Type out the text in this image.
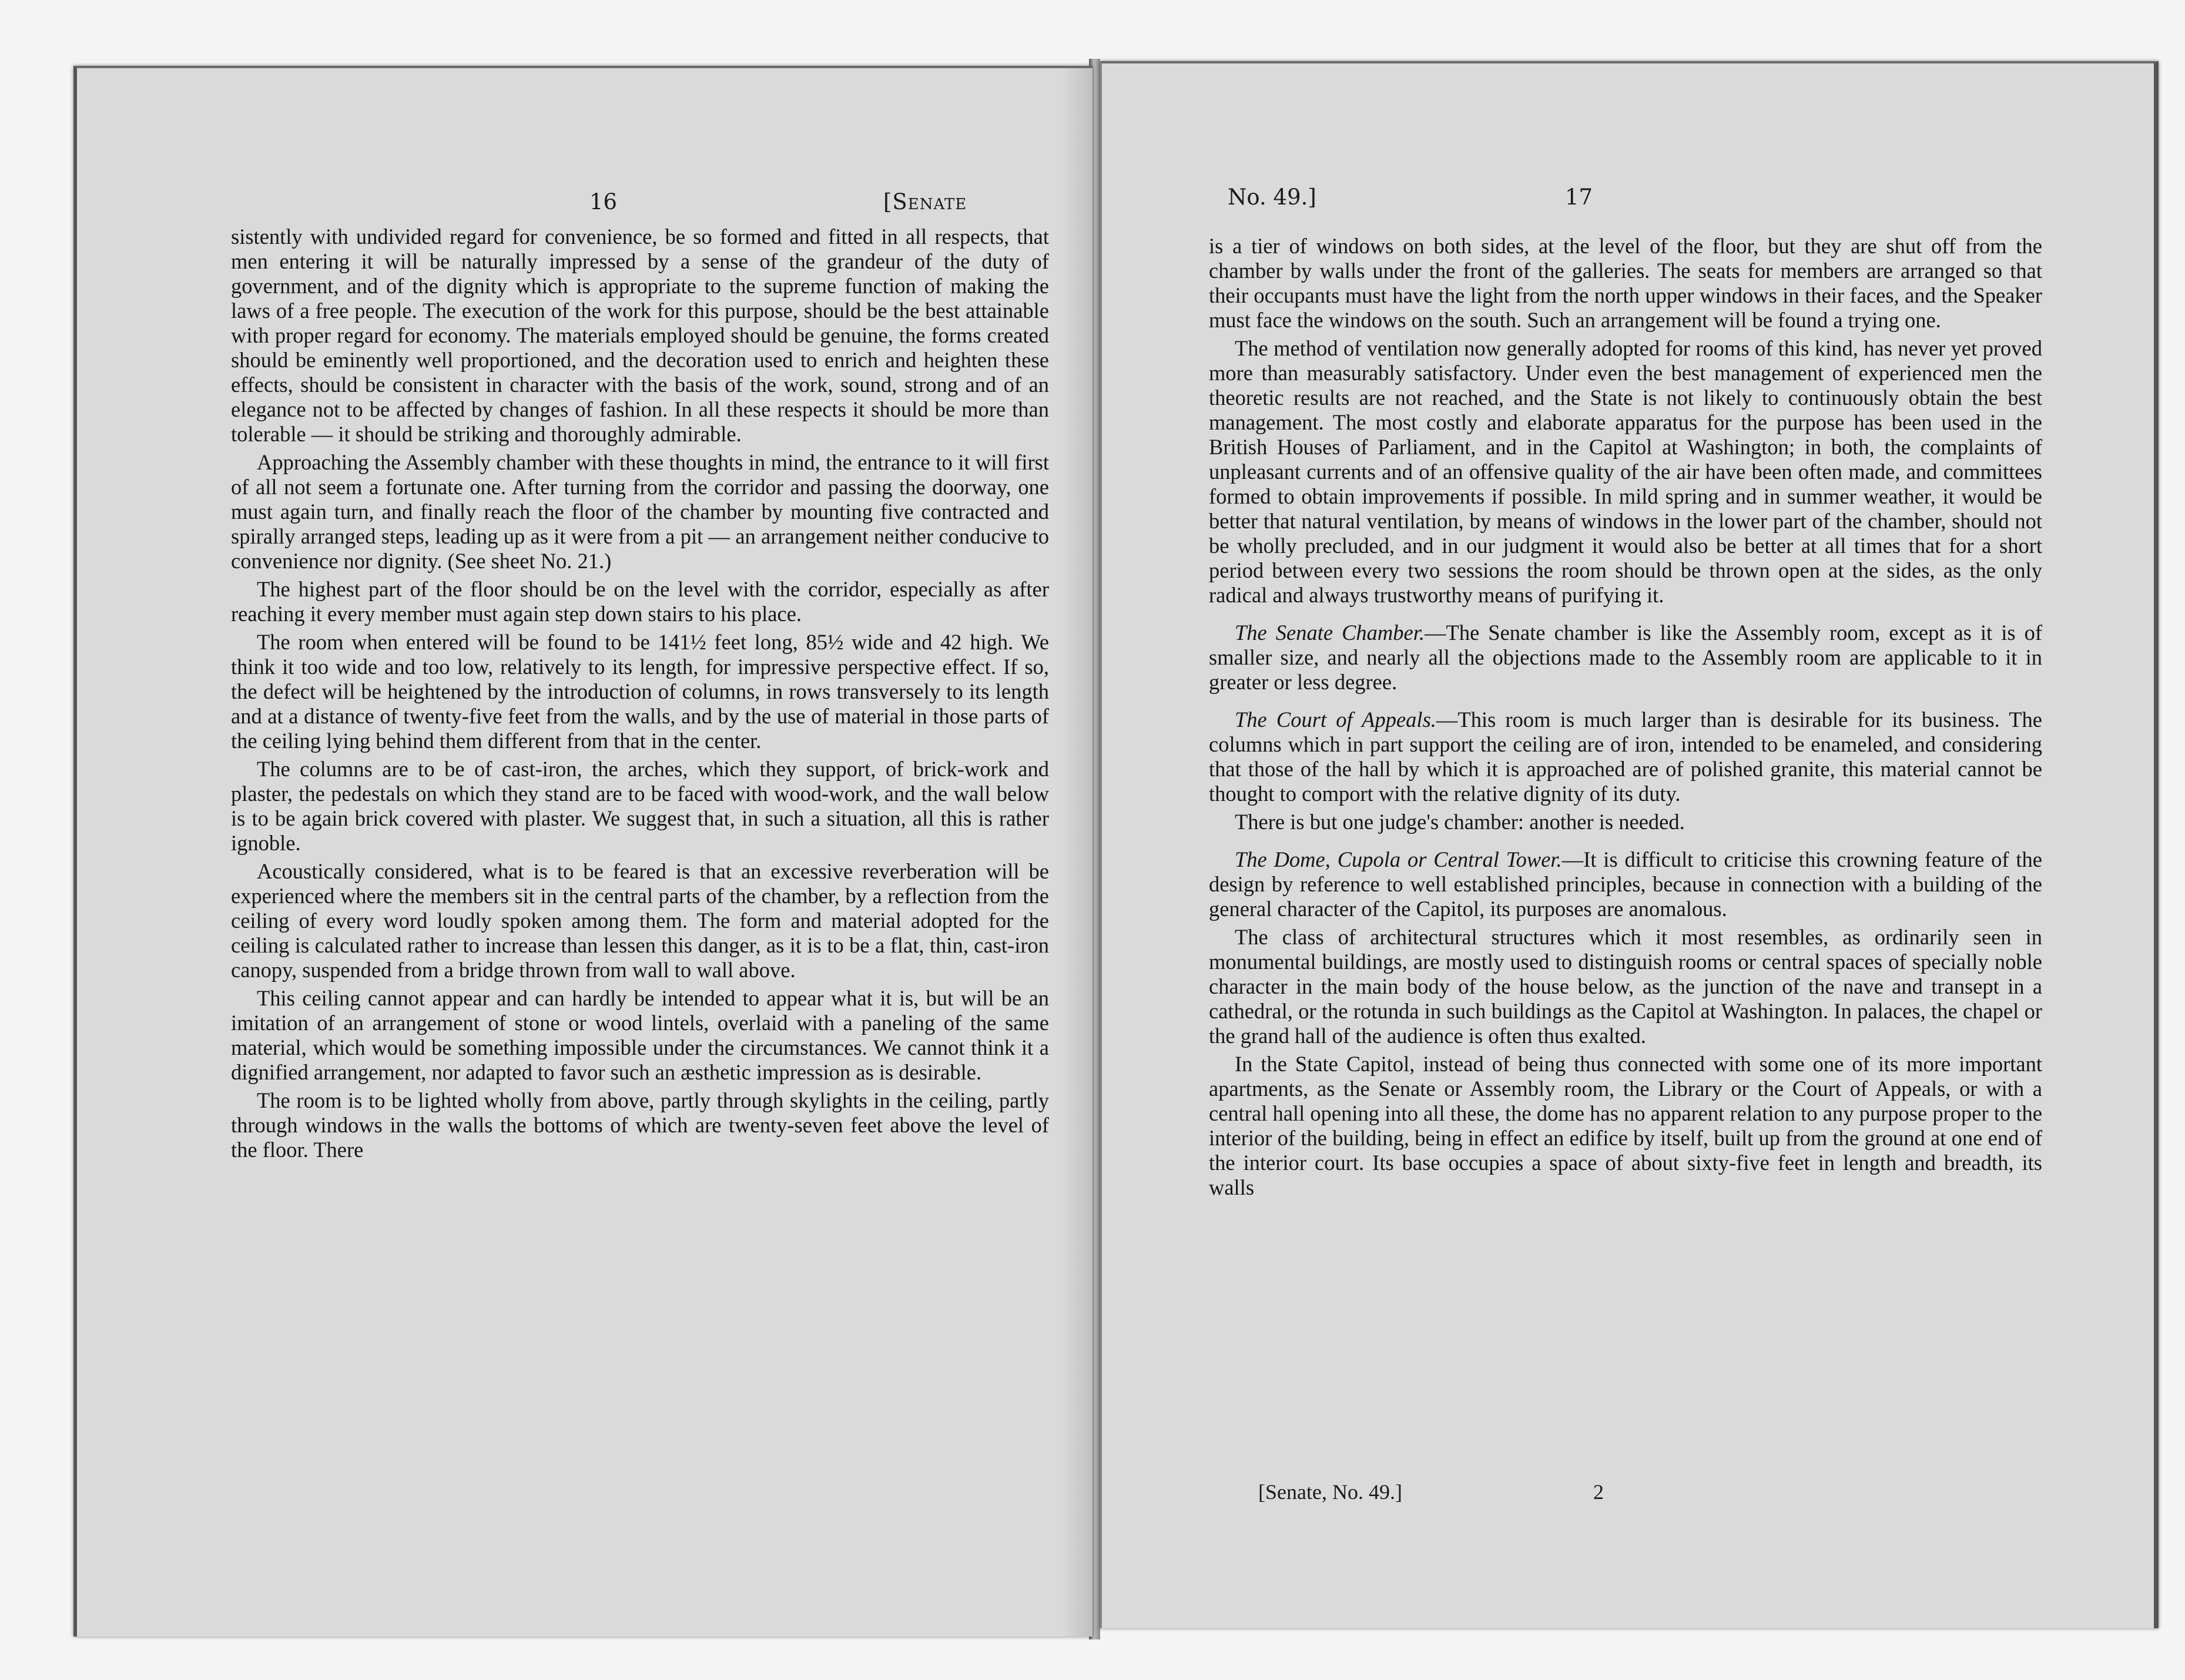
16	[Senate

sistently with undivided regard for convenience, be so formed and fitted in all respects, that men entering it will be naturally impressed by a sense of the grandeur of the duty of government, and of the dignity which is appropriate to the supreme function of making the laws of a free people. The execution of the work for this purpose, should be the best attainable with proper regard for economy. The materials employed should be genuine, the forms created should be eminently well proportioned, and the decoration used to enrich and heighten these effects, should be consistent in character with the basis of the work, sound, strong and of an elegance not to be affected by changes of fashion. In all these respects it should be more than tolerable — it should be striking and thoroughly admirable.

Approaching the Assembly chamber with these thoughts in mind, the entrance to it will first of all not seem a fortunate one. After turning from the corridor and passing the doorway, one must again turn, and finally reach the floor of the chamber by mounting five contracted and spirally arranged steps, leading up as it were from a pit — an arrangement neither conducive to convenience nor dignity. (See sheet No. 21.)

The highest part of the floor should be on the level with the corridor, especially as after reaching it every member must again step down stairs to his place.

The room when entered will be found to be 141½ feet long, 85½ wide and 42 high. We think it too wide and too low, relatively to its length, for impressive perspective effect. If so, the defect will be heightened by the introduction of columns, in rows transversely to its length and at a distance of twenty-five feet from the walls, and by the use of material in those parts of the ceiling lying behind them different from that in the center.

The columns are to be of cast-iron, the arches, which they support, of brick-work and plaster, the pedestals on which they stand are to be faced with wood-work, and the wall below is to be again brick covered with plaster. We suggest that, in such a situation, all this is rather ignoble.

Acoustically considered, what is to be feared is that an excessive reverberation will be experienced where the members sit in the central parts of the chamber, by a reflection from the ceiling of every word loudly spoken among them. The form and material adopted for the ceiling is calculated rather to increase than lessen this danger, as it is to be a flat, thin, cast-iron canopy, suspended from a bridge thrown from wall to wall above.

This ceiling cannot appear and can hardly be intended to appear what it is, but will be an imitation of an arrangement of stone or wood lintels, overlaid with a paneling of the same material, which would be something impossible under the circumstances. We cannot think it a dignified arrangement, nor adapted to favor such an æsthetic impression as is desirable.

The room is to be lighted wholly from above, partly through skylights in the ceiling, partly through windows in the walls the bottoms of which are twenty-seven feet above the level of the floor. There

No. 49.]	17

is a tier of windows on both sides, at the level of the floor, but they are shut off from the chamber by walls under the front of the galleries. The seats for members are arranged so that their occupants must have the light from the north upper windows in their faces, and the Speaker must face the windows on the south. Such an arrangement will be found a trying one.

The method of ventilation now generally adopted for rooms of this kind, has never yet proved more than measurably satisfactory. Under even the best management of experienced men the theoretic results are not reached, and the State is not likely to continuously obtain the best management. The most costly and elaborate apparatus for the purpose has been used in the British Houses of Parliament, and in the Capitol at Washington; in both, the complaints of unpleasant currents and of an offensive quality of the air have been often made, and committees formed to obtain improvements if possible. In mild spring and in summer weather, it would be better that natural ventilation, by means of windows in the lower part of the chamber, should not be wholly precluded, and in our judgment it would also be better at all times that for a short period between every two sessions the room should be thrown open at the sides, as the only radical and always trustworthy means of purifying it.

The Senate Chamber.—The Senate chamber is like the Assembly room, except as it is of smaller size, and nearly all the objections made to the Assembly room are applicable to it in greater or less degree.

The Court of Appeals.—This room is much larger than is desirable for its business. The columns which in part support the ceiling are of iron, intended to be enameled, and considering that those of the hall by which it is approached are of polished granite, this material cannot be thought to comport with the relative dignity of its duty.

There is but one judge's chamber: another is needed.

The Dome, Cupola or Central Tower.—It is difficult to criticise this crowning feature of the design by reference to well established principles, because in connection with a building of the general character of the Capitol, its purposes are anomalous.

The class of architectural structures which it most resembles, as ordinarily seen in monumental buildings, are mostly used to distinguish rooms or central spaces of specially noble character in the main body of the house below, as the junction of the nave and transept in a cathedral, or the rotunda in such buildings as the Capitol at Washington. In palaces, the chapel or the grand hall of the audience is often thus exalted.

In the State Capitol, instead of being thus connected with some one of its more important apartments, as the Senate or Assembly room, the Library or the Court of Appeals, or with a central hall opening into all these, the dome has no apparent relation to any purpose proper to the interior of the building, being in effect an edifice by itself, built up from the ground at one end of the interior court. Its base occupies a space of about sixty-five feet in length and breadth, its walls

[Senate, No. 49.]	2
